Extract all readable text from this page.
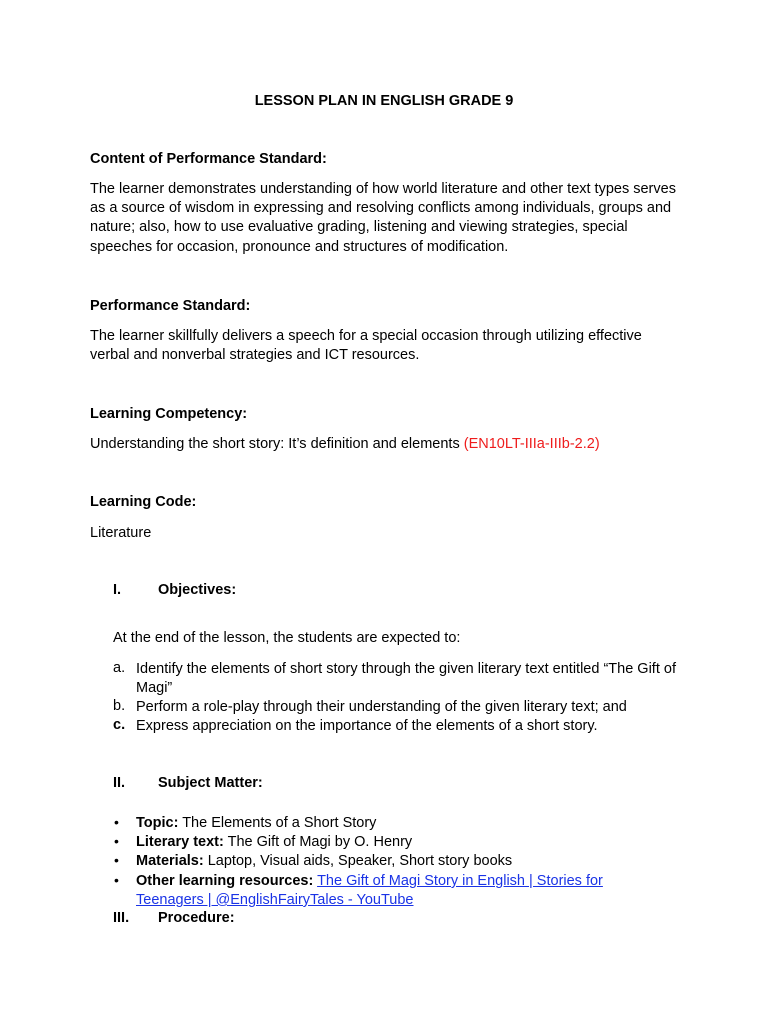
LESSON PLAN IN ENGLISH GRADE 9
Content of Performance Standard:
The learner demonstrates understanding of how world literature and other text types serves as a source of wisdom in expressing and resolving conflicts among individuals, groups and nature; also, how to use evaluative grading, listening and viewing strategies, special speeches for occasion, pronounce and structures of modification.
Performance Standard:
The learner skillfully delivers a speech for a special occasion through utilizing effective verbal and nonverbal strategies and ICT resources.
Learning Competency:
Understanding the short story: It’s definition and elements (EN10LT-IIIa-IIIb-2.2)
Learning Code:
Literature
I.	Objectives:
At the end of the lesson, the students are expected to:
a. Identify the elements of short story through the given literary text entitled “The Gift of Magi”
b. Perform a role-play through their understanding of the given literary text; and
c. Express appreciation on the importance of the elements of a short story.
II. Subject Matter:
• Topic: The Elements of a Short Story
• Literary text: The Gift of Magi by O. Henry
• Materials: Laptop, Visual aids, Speaker, Short story books
• Other learning resources: The Gift of Magi Story in English | Stories for Teenagers | @EnglishFairyTales - YouTube
III. Procedure:
